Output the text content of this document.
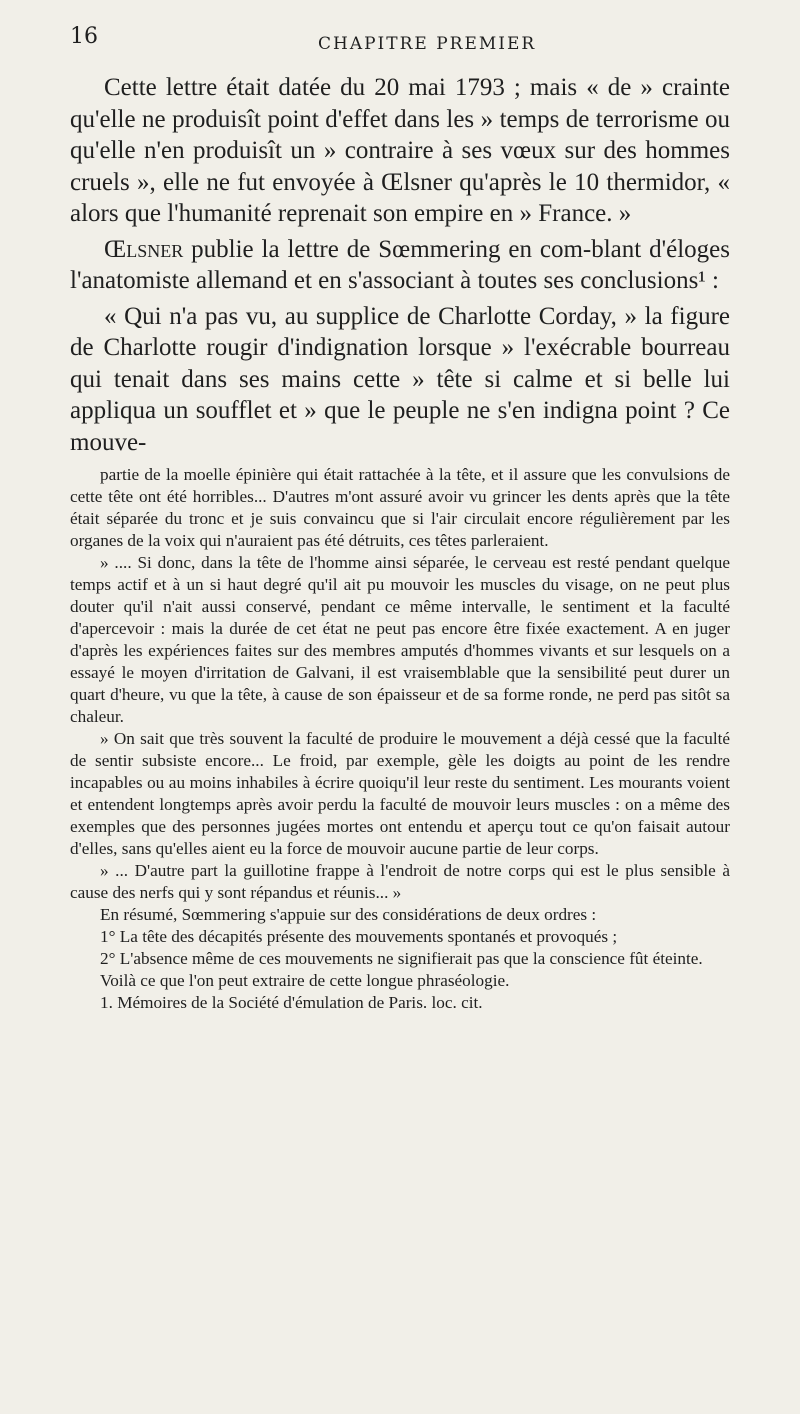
16	CHAPITRE PREMIER

Cette lettre était datée du 20 mai 1793 ; mais « de » crainte qu'elle ne produisît point d'effet dans les » temps de terrorisme ou qu'elle n'en produisît un » contraire à ses vœux sur des hommes cruels », elle ne fut envoyée à Œlsner qu'après le 10 thermidor, « alors que l'humanité reprenait son empire en » France. »

Œlsner publie la lettre de Sœmmering en com-blant d'éloges l'anatomiste allemand et en s'associant à toutes ses conclusions¹ :

« Qui n'a pas vu, au supplice de Charlotte Corday, » la figure de Charlotte rougir d'indignation lorsque » l'exécrable bourreau qui tenait dans ses mains cette » tête si calme et si belle lui appliqua un soufflet et » que le peuple ne s'en indigna point ? Ce mouve-

partie de la moelle épinière qui était rattachée à la tête, et il assure que les convulsions de cette tête ont été horribles... D'autres m'ont assuré avoir vu grincer les dents après que la tête était séparée du tronc et je suis convaincu que si l'air circulait encore régulièrement par les organes de la voix qui n'auraient pas été détruits, ces têtes parleraient.

» .... Si donc, dans la tête de l'homme ainsi séparée, le cerveau est resté pendant quelque temps actif et à un si haut degré qu'il ait pu mouvoir les muscles du visage, on ne peut plus douter qu'il n'ait aussi conservé, pendant ce même intervalle, le sentiment et la faculté d'apercevoir : mais la durée de cet état ne peut pas encore être fixée exactement. A en juger d'après les expériences faites sur des membres amputés d'hommes vivants et sur lesquels on a essayé le moyen d'irritation de Galvani, il est vraisemblable que la sensibilité peut durer un quart d'heure, vu que la tête, à cause de son épaisseur et de sa forme ronde, ne perd pas sitôt sa chaleur.

» On sait que très souvent la faculté de produire le mouvement a déjà cessé que la faculté de sentir subsiste encore... Le froid, par exemple, gèle les doigts au point de les rendre incapables ou au moins inhabiles à écrire quoiqu'il leur reste du sentiment. Les mourants voient et entendent longtemps après avoir perdu la faculté de mouvoir leurs muscles : on a même des exemples que des personnes jugées mortes ont entendu et aperçu tout ce qu'on faisait autour d'elles, sans qu'elles aient eu la force de mouvoir aucune partie de leur corps.

» ... D'autre part la guillotine frappe à l'endroit de notre corps qui est le plus sensible à cause des nerfs qui y sont répandus et réunis... »

En résumé, Sœmmering s'appuie sur des considérations de deux ordres :

1° La tête des décapités présente des mouvements spontanés et provoqués ;

2° L'absence même de ces mouvements ne signifierait pas que la conscience fût éteinte.

Voilà ce que l'on peut extraire de cette longue phraséologie.

1. Mémoires de la Société d'émulation de Paris. loc. cit.
